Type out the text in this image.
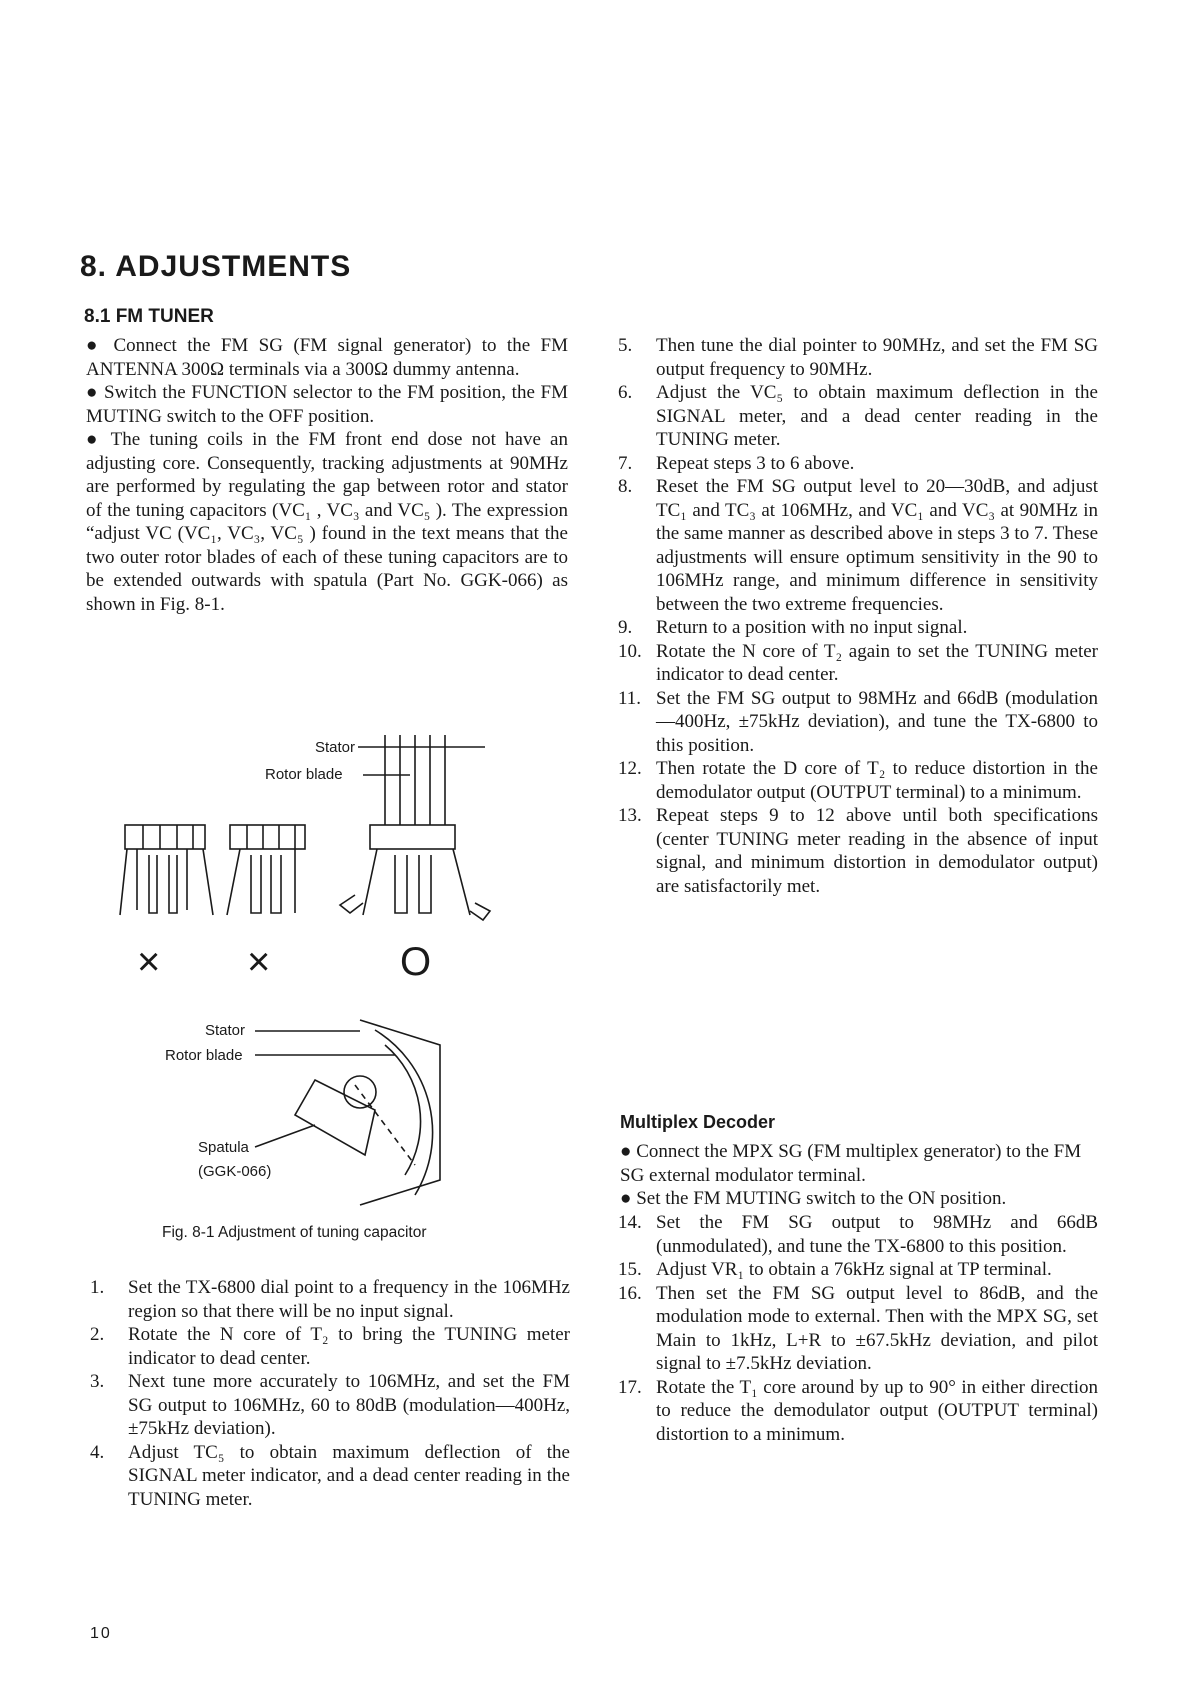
8. ADJUSTMENTS
8.1 FM TUNER

● Connect the FM SG (FM signal generator) to the FM ANTENNA 300Ω terminals via a 300Ω dummy antenna.

● Switch the FUNCTION selector to the FM position, the FM MUTING switch to the OFF position.

● The tuning coils in the FM front end dose not have an adjusting core. Consequently, tracking adjustments at 90MHz are performed by regulating the gap between rotor and stator of the tuning capacitors (VC₁ , VC₃ and VC₅ ). The expression “adjust VC (VC₁, VC₃, VC₅ ) found in the text means that the two outer rotor blades of each of these tuning capacitors are to be extended outwards with spatula (Part No. GGK-066) as shown in Fig. 8-1.

Stator
Rotor blade
× ×	O
Stator
Rotor blade
Spatula
(GGK-066)

Fig. 8-1 Adjustment of tuning capacitor

1.	Set the TX-6800 dial point to a frequency in the 106MHz region so that there will be no input signal.
2.	Rotate the N core of T₂ to bring the TUNING meter indicator to dead center.
3.	Next tune more accurately to 106MHz, and set the FM SG output to 106MHz, 60 to 80dB (modulation—400Hz, ±75kHz deviation).
4.	Adjust TC₅ to obtain maximum deflection of the SIGNAL meter indicator, and a dead center reading in the TUNING meter.
5.	Then tune the dial pointer to 90MHz, and set the FM SG output frequency to 90MHz.
6.	Adjust the VC₅ to obtain maximum deflection in the SIGNAL meter, and a dead center reading in the TUNING meter.
7.	Repeat steps 3 to 6 above.
8.	Reset the FM SG output level to 20—30dB, and adjust TC₁ and TC₃ at 106MHz, and VC₁ and VC₃ at 90MHz in the same manner as described above in steps 3 to 7. These adjustments will ensure optimum sensitivity in the 90 to 106MHz range, and minimum difference in sensitivity between the two extreme frequencies.
9.	Return to a position with no input signal.
10. Rotate the N core of T₂ again to set the TUNING meter indicator to dead center.
11. Set the FM SG output to 98MHz and 66dB (modulation—400Hz, ±75kHz deviation), and tune the TX-6800 to this position.
12. Then rotate the D core of T₂ to reduce distortion in the demodulator output (OUTPUT terminal) to a minimum.
13. Repeat steps 9 to 12 above until both specifications (center TUNING meter reading in the absence of input signal, and minimum distortion in demodulator output) are satisfactorily met.
Multiplex Decoder

● Connect the MPX SG (FM multiplex generator) to the FM SG external modulator terminal.

● Set the FM MUTING switch to the ON position.

14. Set the FM SG output to 98MHz and 66dB (unmodulated), and tune the TX-6800 to this position.
15. Adjust VR₁ to obtain a 76kHz signal at TP terminal.
16. Then set the FM SG output level to 86dB, and the modulation mode to external. Then with the MPX SG, set Main to 1kHz, L+R to ±67.5kHz deviation, and pilot signal to ±7.5kHz deviation.
17. Rotate the T₁ core around by up to 90° in either direction to reduce the demodulator output (OUTPUT terminal) distortion to a minimum.
10
